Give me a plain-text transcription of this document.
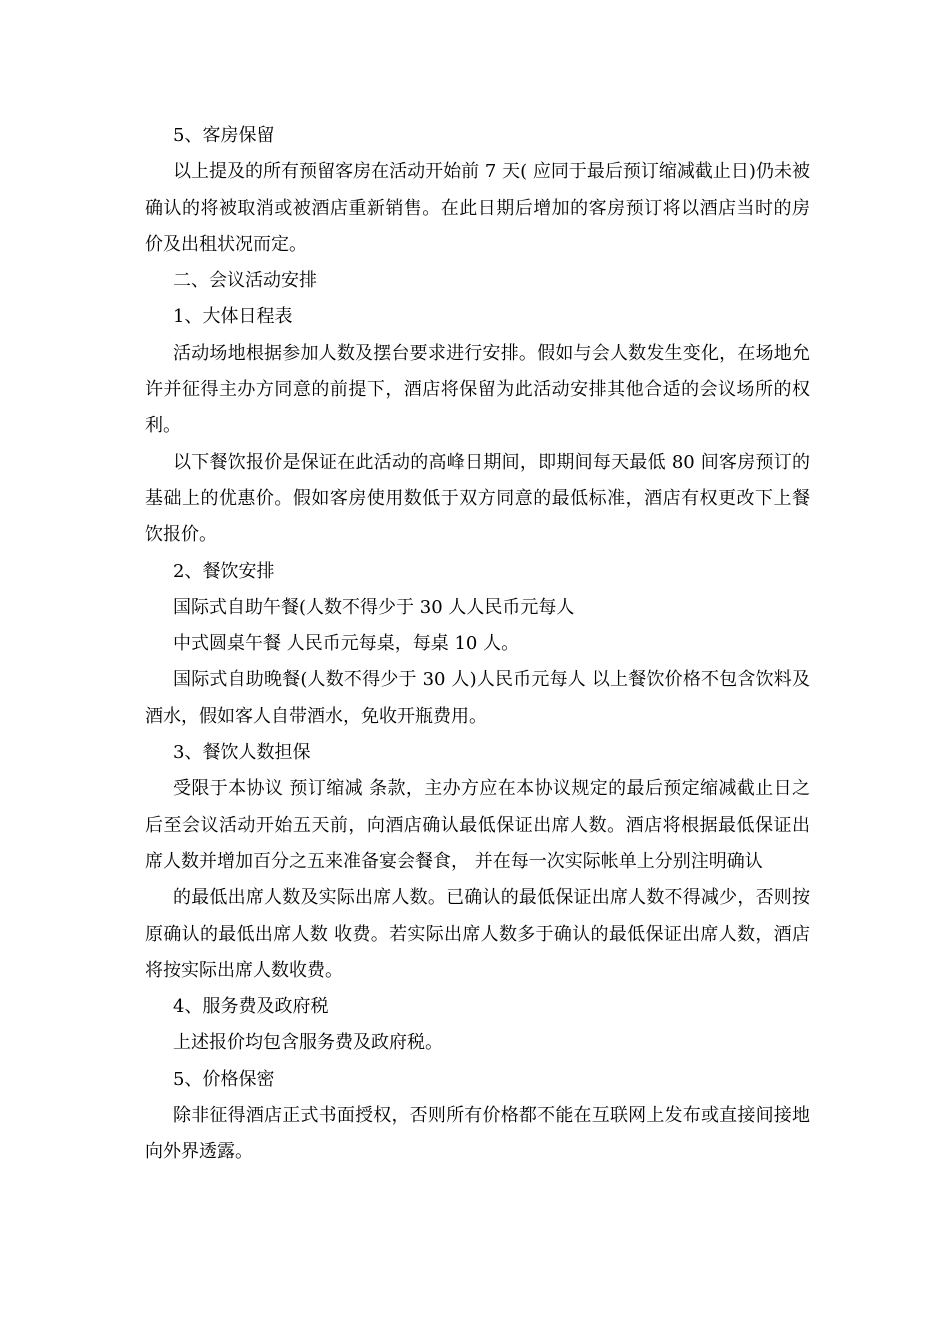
5、客房保留

以上提及的所有预留客房在活动开始前 7 天( 应同于最后预订缩减截止日)仍未被确认的将被取消或被酒店重新销售。在此日期后增加的客房预订将以酒店当时的房价及出租状况而定。

二、会议活动安排

1、大体日程表

活动场地根据参加人数及摆台要求进行安排。假如与会人数发生变化，在场地允许并征得主办方同意的前提下，酒店将保留为此活动安排其他合适的会议场所的权利。

以下餐饮报价是保证在此活动的高峰日期间，即期间每天最低 80 间客房预订的基础上的优惠价。假如客房使用数低于双方同意的最低标准，酒店有权更改下上餐饮报价。

2、餐饮安排

国际式自助午餐(人数不得少于 30 人人民币元每人

中式圆桌午餐 人民币元每桌，每桌 10 人。

国际式自助晚餐(人数不得少于 30 人)人民币元每人 以上餐饮价格不包含饮料及酒水，假如客人自带酒水，免收开瓶费用。

3、餐饮人数担保

受限于本协议 预订缩减 条款，主办方应在本协议规定的最后预定缩减截止日之后至会议活动开始五天前，向酒店确认最低保证出席人数。酒店将根据最低保证出席人数并增加百分之五来准备宴会餐食， 并在每一次实际帐单上分别注明确认

的最低出席人数及实际出席人数。已确认的最低保证出席人数不得减少，否则按原确认的最低出席人数 收费。若实际出席人数多于确认的最低保证出席人数，酒店将按实际出席人数收费。

4、服务费及政府税

上述报价均包含服务费及政府税。

5、价格保密

除非征得酒店正式书面授权，否则所有价格都不能在互联网上发布或直接间接地向外界透露。
